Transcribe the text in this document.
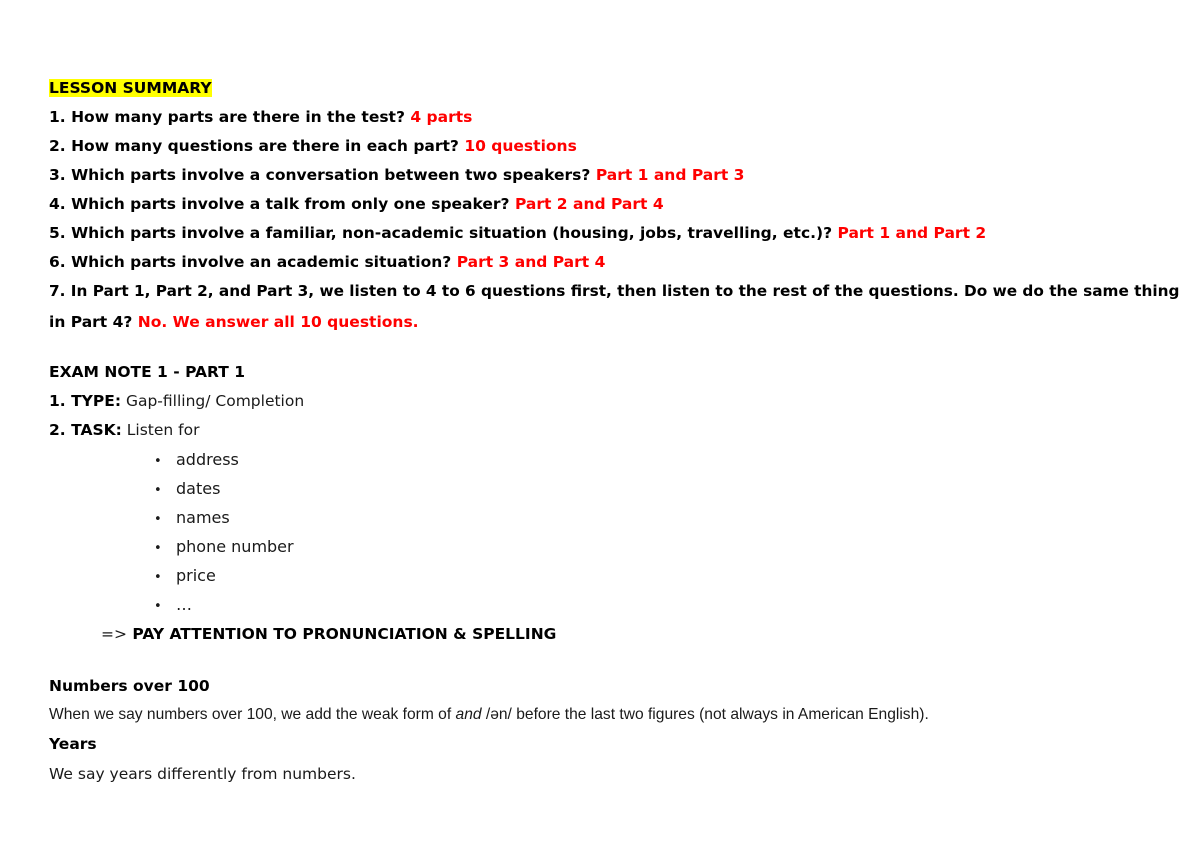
LESSON SUMMARY
1. How many parts are there in the test? 4 parts
2. How many questions are there in each part? 10 questions
3. Which parts involve a conversation between two speakers? Part 1 and Part 3
4. Which parts involve a talk from only one speaker? Part 2 and Part 4
5. Which parts involve a familiar, non-academic situation (housing, jobs, travelling, etc.)? Part 1 and Part 2
6. Which parts involve an academic situation? Part 3 and Part 4
7. In Part 1, Part 2, and Part 3, we listen to 4 to 6 questions first, then listen to the rest of the questions. Do we do the same thing
in Part 4? No. We answer all 10 questions.
EXAM NOTE 1 - PART 1
1. TYPE: Gap-filling/ Completion
2. TASK: Listen for
• address
• dates
• names
• phone number
• price
• …
=> PAY ATTENTION TO PRONUNCIATION & SPELLING
Numbers over 100
When we say numbers over 100, we add the weak form of and /ən/ before the last two figures (not always in American English).
Years
We say years differently from numbers.
